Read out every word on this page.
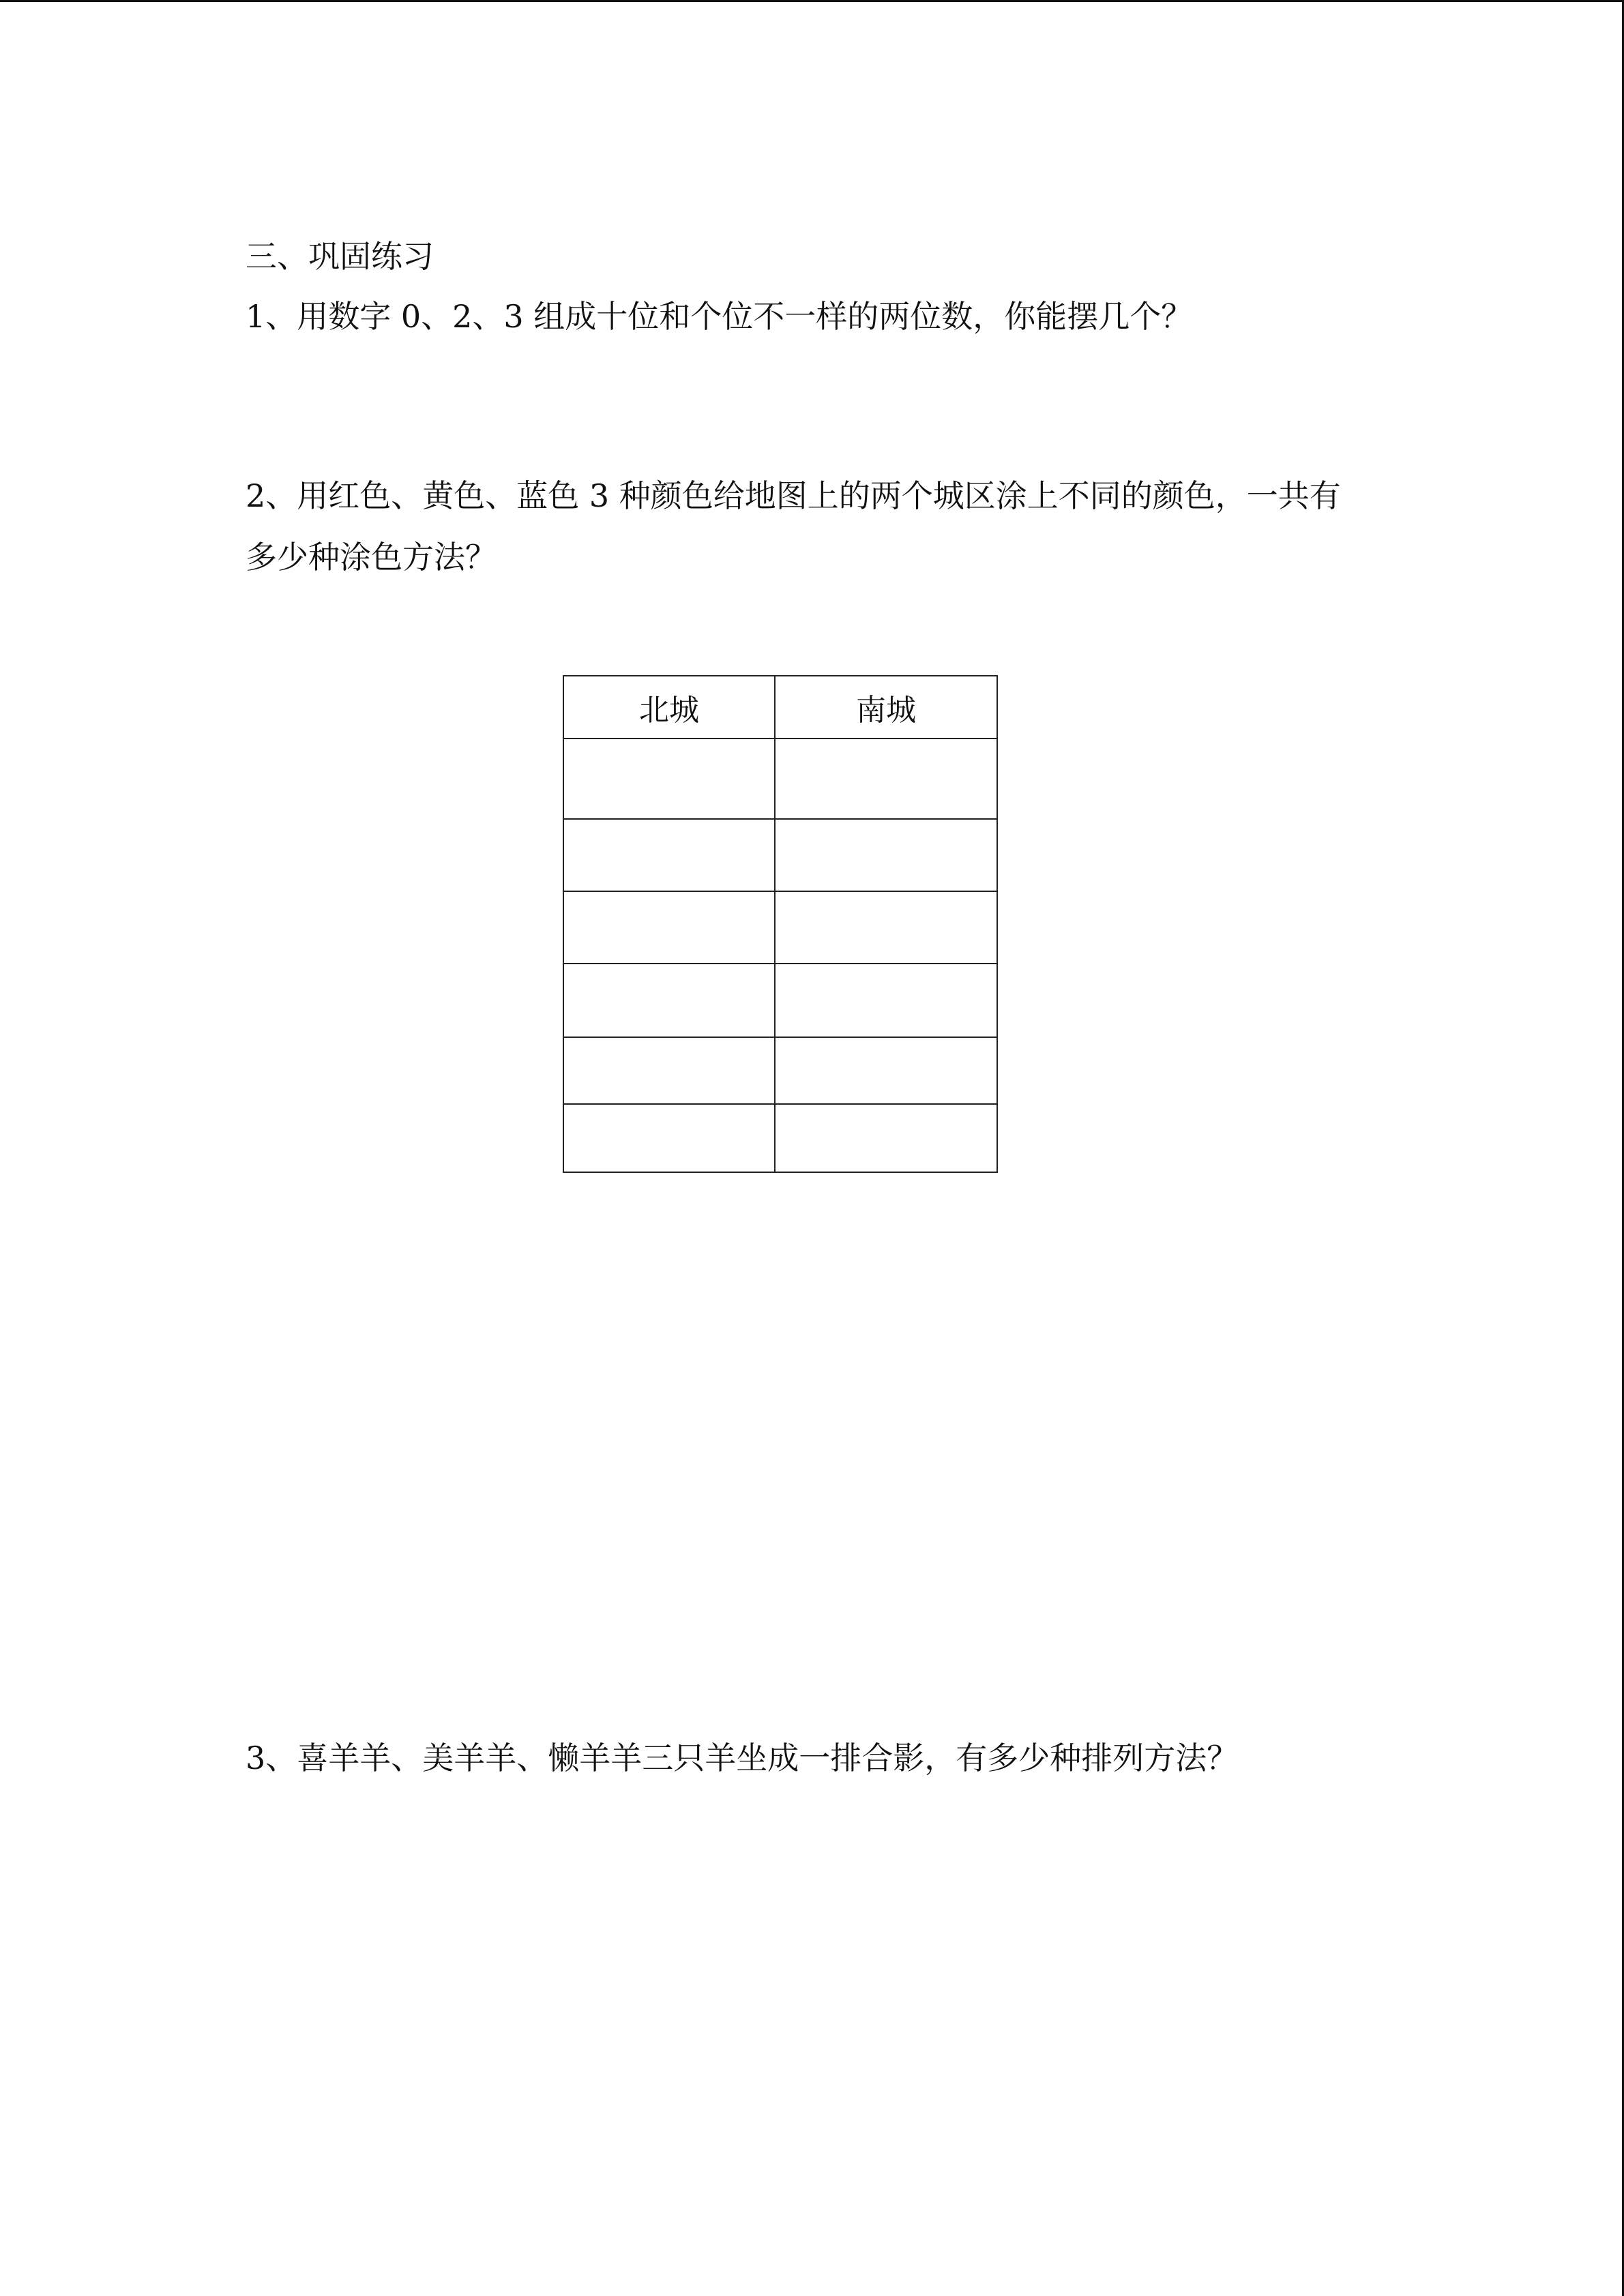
三、巩固练习

1、用数字 0、2、3 组成十位和个位不一样的两位数，你能摆几个？

2、用红色、黄色、蓝色 3 种颜色给地图上的两个城区涂上不同的颜色，一共有

多少种涂色方法？

北城	南城

3、喜羊羊、美羊羊、懒羊羊三只羊坐成一排合影，有多少种排列方法？
